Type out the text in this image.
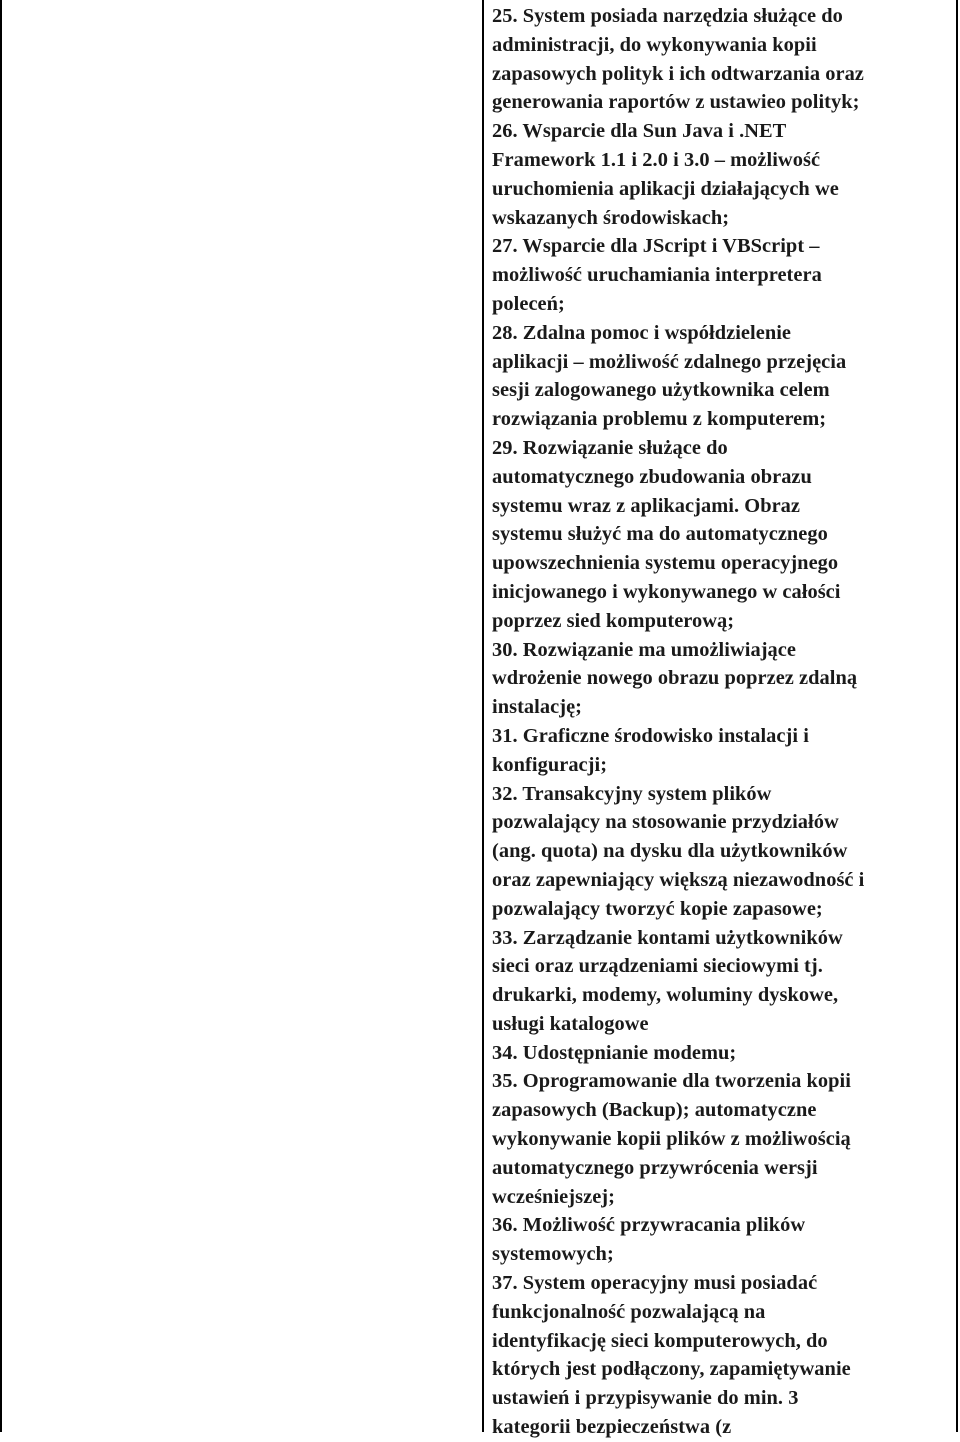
25. System posiada narzędzia służące do
administracji, do wykonywania kopii
zapasowych polityk i ich odtwarzania oraz
generowania raportów z ustawieo polityk;
26. Wsparcie dla Sun Java i .NET
Framework 1.1 i 2.0 i 3.0 – możliwość
uruchomienia aplikacji działających we
wskazanych środowiskach;
27. Wsparcie dla JScript i VBScript –
możliwość uruchamiania interpretera
poleceń;
28. Zdalna pomoc i współdzielenie
aplikacji – możliwość zdalnego przejęcia
sesji zalogowanego użytkownika celem
rozwiązania problemu z komputerem;
29. Rozwiązanie służące do
automatycznego zbudowania obrazu
systemu wraz z aplikacjami. Obraz
systemu służyć ma do automatycznego
upowszechnienia systemu operacyjnego
inicjowanego i wykonywanego w całości
poprzez sied komputerową;
30. Rozwiązanie ma umożliwiające
wdrożenie nowego obrazu poprzez zdalną
instalację;
31. Graficzne środowisko instalacji i
konfiguracji;
32. Transakcyjny system plików
pozwalający na stosowanie przydziałów
(ang. quota) na dysku dla użytkowników
oraz zapewniający większą niezawodność i
pozwalający tworzyć kopie zapasowe;
33. Zarządzanie kontami użytkowników
sieci oraz urządzeniami sieciowymi tj.
drukarki, modemy, woluminy dyskowe,
usługi katalogowe
34. Udostępnianie modemu;
35. Oprogramowanie dla tworzenia kopii
zapasowych (Backup); automatyczne
wykonywanie kopii plików z możliwością
automatycznego przywrócenia wersji
wcześniejszej;
36. Możliwość przywracania plików
systemowych;
37. System operacyjny musi posiadać
funkcjonalność pozwalającą na
identyfikację sieci komputerowych, do
których jest podłączony, zapamiętywanie
ustawień i przypisywanie do min. 3
kategorii bezpieczeństwa (z
